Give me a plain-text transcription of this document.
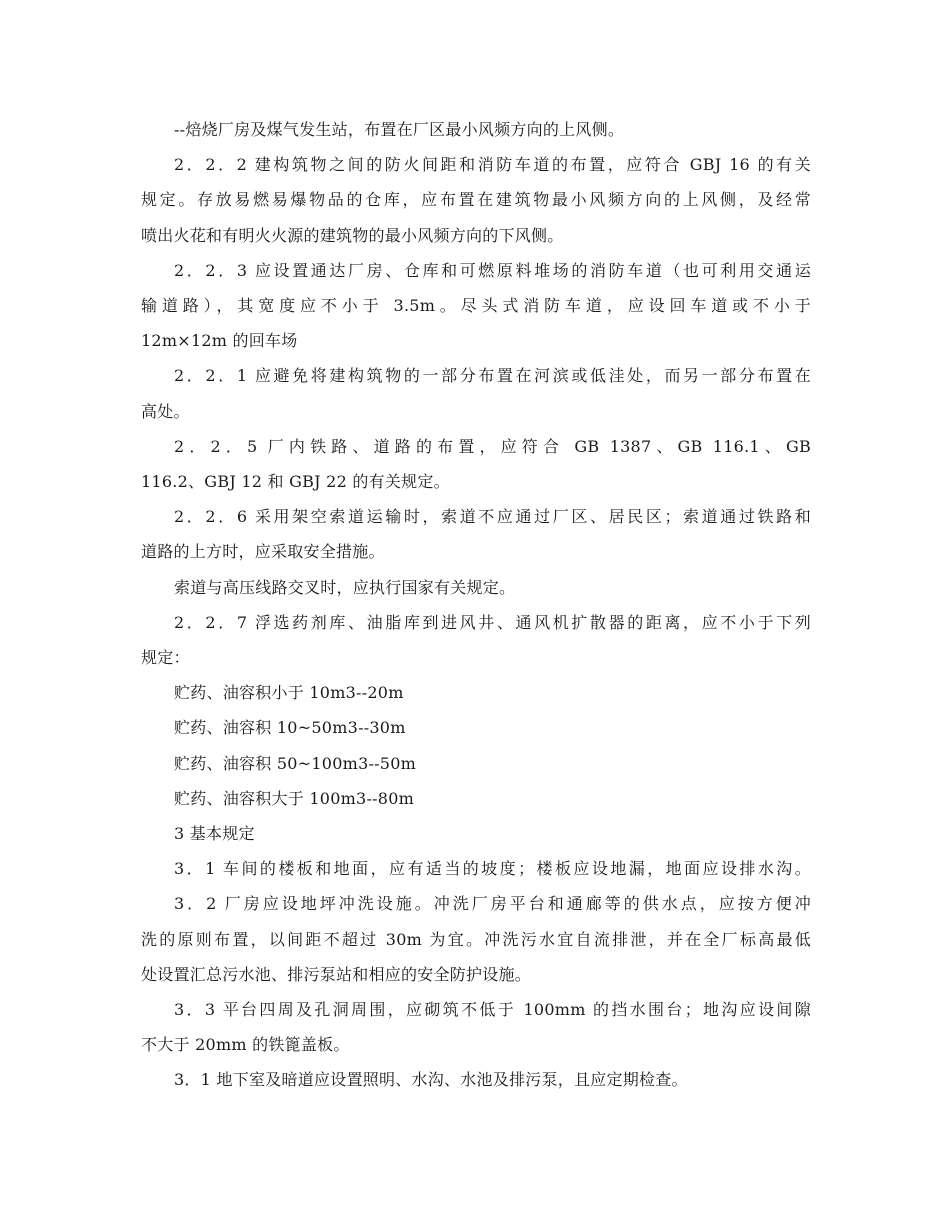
--焙烧厂房及煤气发生站，布置在厂区最小风频方向的上风侧。

2．2．2 建构筑物之间的防火间距和消防车道的布置，应符合 GBJ 16 的有关

规定。存放易燃易爆物品的仓库，应布置在建筑物最小风频方向的上风侧，及经常

喷出火花和有明火火源的建筑物的最小风频方向的下风侧。

2．2．3 应设置通达厂房、仓库和可燃原料堆场的消防车道（也可利用交通运

输道路），其宽度应不小于 3.5m。尽头式消防车道，应设回车道或不小于

12m×12m 的回车场

2．2．1 应避免将建构筑物的一部分布置在河滨或低洼处，而另一部分布置在

高处。

2．2．5 厂内铁路、道路的布置，应符合 GB 1387、GB 116.1、GB

116.2、GBJ 12 和 GBJ 22 的有关规定。

2．2．6 采用架空索道运输时，索道不应通过厂区、居民区；索道通过铁路和

道路的上方时，应采取安全措施。

索道与高压线路交叉时，应执行国家有关规定。

2．2．7 浮选药剂库、油脂库到进风井、通风机扩散器的距离，应不小于下列

规定：

贮药、油容积小于 10m3--20m

贮药、油容积 10~50m3--30m

贮药、油容积 50~100m3--50m

贮药、油容积大于 100m3--80m

3 基本规定

3．1 车间的楼板和地面，应有适当的坡度；楼板应设地漏，地面应设排水沟。

3．2 厂房应设地坪冲洗设施。冲洗厂房平台和通廊等的供水点，应按方便冲

洗的原则布置，以间距不超过 30m 为宜。冲洗污水宜自流排泄，并在全厂标高最低

处设置汇总污水池、排污泵站和相应的安全防护设施。

3．3 平台四周及孔洞周围，应砌筑不低于 100mm 的挡水围台；地沟应设间隙

不大于 20mm 的铁篦盖板。

3．1 地下室及暗道应设置照明、水沟、水池及排污泵，且应定期检查。
